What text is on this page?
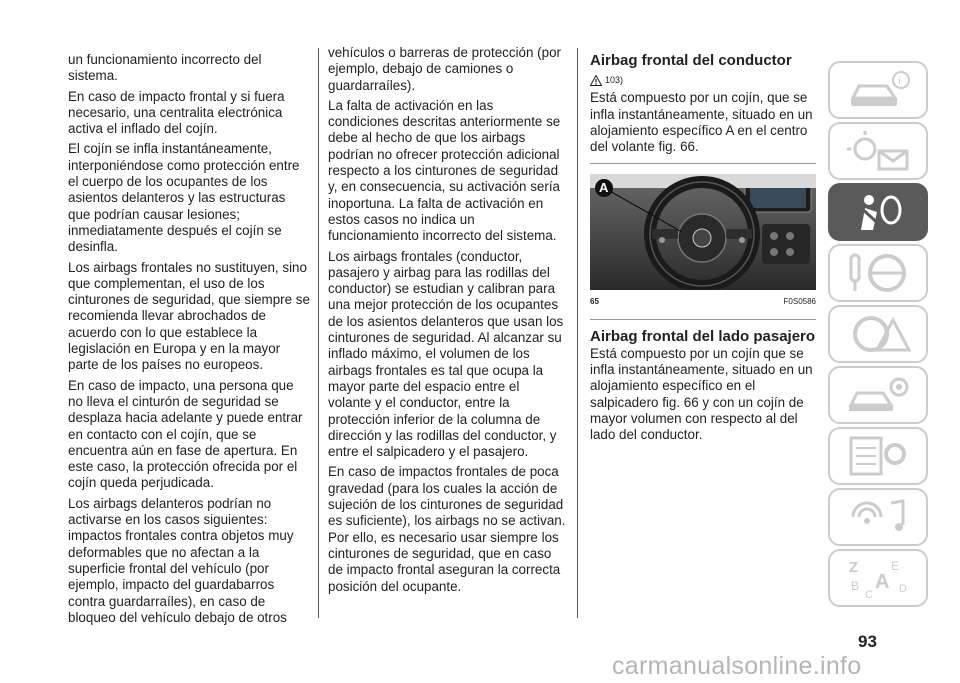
un funcionamiento incorrecto del sistema.

En caso de impacto frontal y si fuera necesario, una centralita electrónica activa el inflado del cojín.

El cojín se infla instantáneamente, interponiéndose como protección entre el cuerpo de los ocupantes de los asientos delanteros y las estructuras que podrían causar lesiones; inmediatamente después el cojín se desinfla.

Los airbags frontales no sustituyen, sino que complementan, el uso de los cinturones de seguridad, que siempre se recomienda llevar abrochados de acuerdo con lo que establece la legislación en Europa y en la mayor parte de los países no europeos.

En caso de impacto, una persona que no lleva el cinturón de seguridad se desplaza hacia adelante y puede entrar en contacto con el cojín, que se encuentra aún en fase de apertura. En este caso, la protección ofrecida por el cojín queda perjudicada.

Los airbags delanteros podrían no activarse en los casos siguientes: impactos frontales contra objetos muy deformables que no afectan a la superficie frontal del vehículo (por ejemplo, impacto del guardabarros contra guardarraíles), en caso de bloqueo del vehículo debajo de otros

vehículos o barreras de protección (por ejemplo, debajo de camiones o guardarraíles).

La falta de activación en las condiciones descritas anteriormente se debe al hecho de que los airbags podrían no ofrecer protección adicional respecto a los cinturones de seguridad y, en consecuencia, su activación sería inoportuna. La falta de activación en estos casos no indica un funcionamiento incorrecto del sistema.

Los airbags frontales (conductor, pasajero y airbag para las rodillas del conductor) se estudian y calibran para una mejor protección de los ocupantes de los asientos delanteros que usan los cinturones de seguridad. Al alcanzar su inflado máximo, el volumen de los airbags frontales es tal que ocupa la mayor parte del espacio entre el volante y el conductor, entre la protección inferior de la columna de dirección y las rodillas del conductor, y entre el salpicadero y el pasajero.

En caso de impactos frontales de poca gravedad (para los cuales la acción de sujeción de los cinturones de seguridad es suficiente), los airbags no se activan. Por ello, es necesario usar siempre los cinturones de seguridad, que en caso de impacto frontal aseguran la correcta posición del ocupante.

Airbag frontal del conductor
103)

Está compuesto por un cojín, que se infla instantáneamente, situado en un alojamiento específico A en el centro del volante fig. 66.

A
65	F0S0586
Airbag frontal del lado pasajero

Está compuesto por un cojín que se infla instantáneamente, situado en un alojamiento específico en el salpicadero fig. 66 y con un cojín de mayor volumen con respecto al del lado del conductor.

i
Z	E
B A
C D
93
carmanualsonline.info
